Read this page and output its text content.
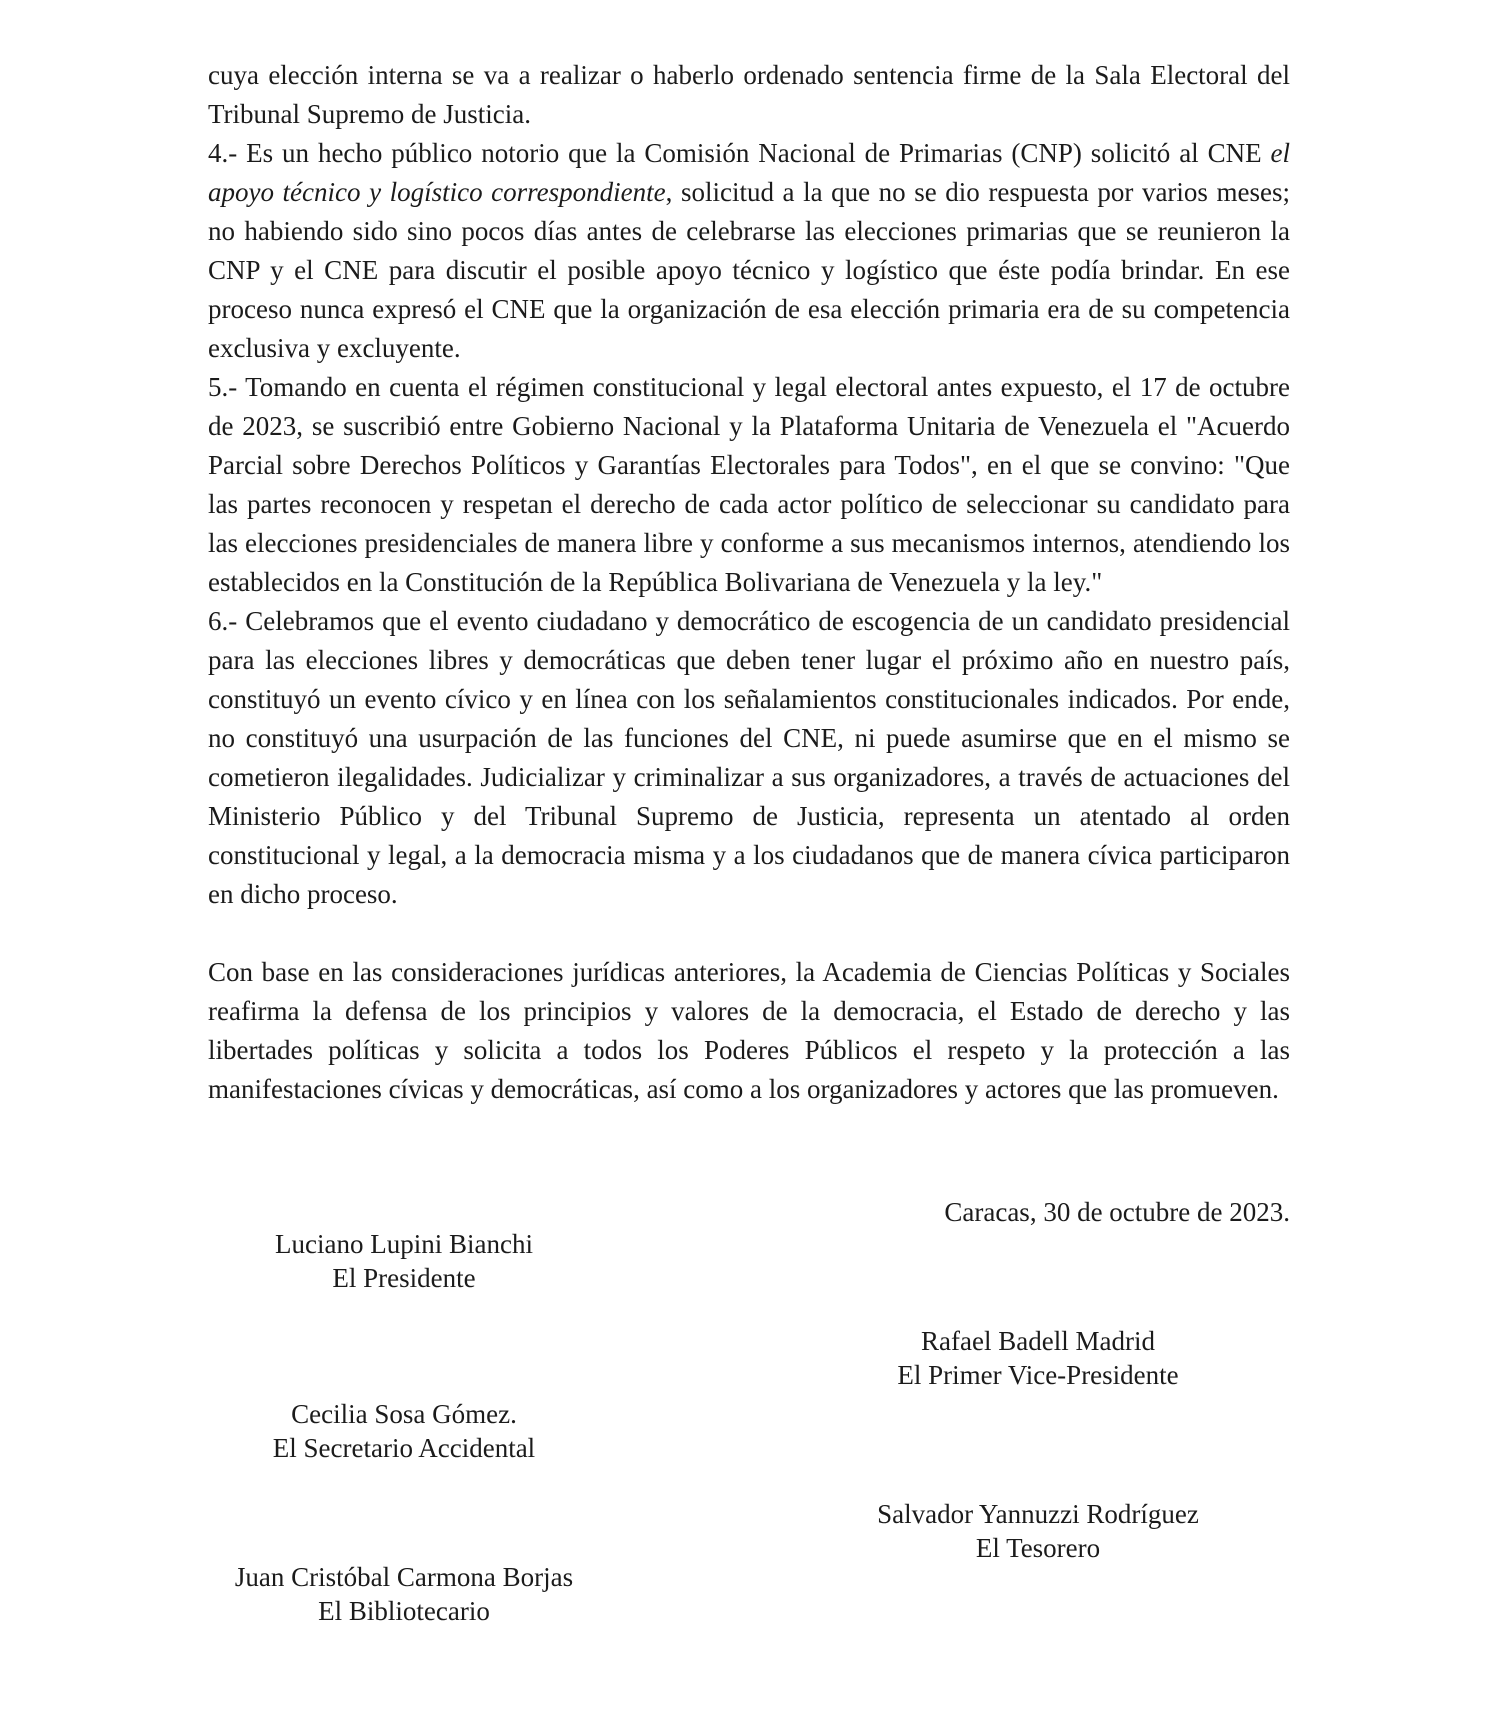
cuya elección interna se va a realizar o haberlo ordenado sentencia firme de la Sala Electoral del Tribunal Supremo de Justicia.

4.- Es un hecho público notorio que la Comisión Nacional de Primarias (CNP) solicitó al CNE el apoyo técnico y logístico correspondiente, solicitud a la que no se dio respuesta por varios meses; no habiendo sido sino pocos días antes de celebrarse las elecciones primarias que se reunieron la CNP y el CNE para discutir el posible apoyo técnico y logístico que éste podía brindar. En ese proceso nunca expresó el CNE que la organización de esa elección primaria era de su competencia exclusiva y excluyente.

5.- Tomando en cuenta el régimen constitucional y legal electoral antes expuesto, el 17 de octubre de 2023, se suscribió entre Gobierno Nacional y la Plataforma Unitaria de Venezuela el "Acuerdo Parcial sobre Derechos Políticos y Garantías Electorales para Todos", en el que se convino: "Que las partes reconocen y respetan el derecho de cada actor político de seleccionar su candidato para las elecciones presidenciales de manera libre y conforme a sus mecanismos internos, atendiendo los establecidos en la Constitución de la República Bolivariana de Venezuela y la ley."

6.- Celebramos que el evento ciudadano y democrático de escogencia de un candidato presidencial para las elecciones libres y democráticas que deben tener lugar el próximo año en nuestro país, constituyó un evento cívico y en línea con los señalamientos constitucionales indicados. Por ende, no constituyó una usurpación de las funciones del CNE, ni puede asumirse que en el mismo se cometieron ilegalidades. Judicializar y criminalizar a sus organizadores, a través de actuaciones del Ministerio Público y del Tribunal Supremo de Justicia, representa un atentado al orden constitucional y legal, a la democracia misma y a los ciudadanos que de manera cívica participaron en dicho proceso.

Con base en las consideraciones jurídicas anteriores, la Academia de Ciencias Políticas y Sociales reafirma la defensa de los principios y valores de la democracia, el Estado de derecho y las libertades políticas y solicita a todos los Poderes Públicos el respeto y la protección a las manifestaciones cívicas y democráticas, así como a los organizadores y actores que las promueven.

Caracas, 30 de octubre de 2023.
Luciano Lupini Bianchi
El Presidente
Rafael Badell Madrid
El Primer Vice-Presidente
Cecilia Sosa Gómez.
El Secretario Accidental
Salvador Yannuzzi Rodríguez
El Tesorero
Juan Cristóbal Carmona Borjas
El Bibliotecario
